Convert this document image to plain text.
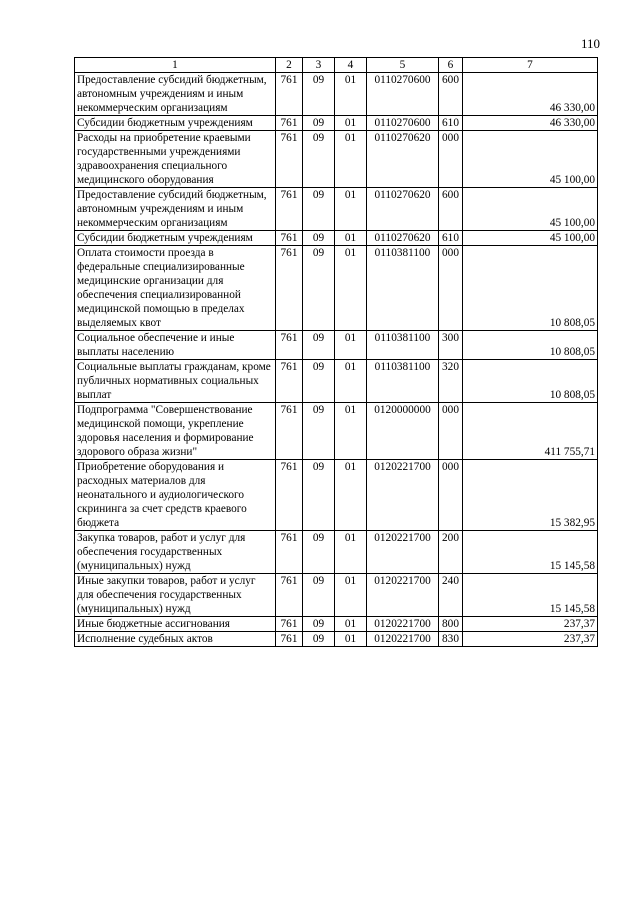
110
1	2	3	4	5	6	7
Предоставление субсидий бюджетным, автономным учреждениям и иным некоммерческим организациям	761	09	01	0110270600	600	46 330,00
Субсидии бюджетным учреждениям	761	09	01	0110270600	610	46 330,00
Расходы на приобретение краевыми государственными учреждениями здравоохранения специального медицинского оборудования	761	09	01	0110270620	000	45 100,00
Предоставление субсидий бюджетным, автономным учреждениям и иным некоммерческим организациям	761	09	01	0110270620	600	45 100,00
Субсидии бюджетным учреждениям	761	09	01	0110270620	610	45 100,00
Оплата стоимости проезда в федеральные специализированные медицинские организации для обеспечения специализированной медицинской помощью в пределах выделяемых квот	761	09	01	0110381100	000	10 808,05
Социальное обеспечение и иные выплаты населению	761	09	01	0110381100	300	10 808,05
Социальные выплаты гражданам, кроме публичных нормативных социальных выплат	761	09	01	0110381100	320	10 808,05
Подпрограмма "Совершенствование медицинской помощи, укрепление здоровья населения и формирование здорового образа жизни"	761	09	01	0120000000	000	411 755,71
Приобретение оборудования и расходных материалов для неонатального и аудиологического скрининга за счет средств краевого бюджета	761	09	01	0120221700	000	15 382,95
Закупка товаров, работ и услуг для обеспечения государственных (муниципальных) нужд	761	09	01	0120221700	200	15 145,58
Иные закупки товаров, работ и услуг для обеспечения государственных (муниципальных) нужд	761	09	01	0120221700	240	15 145,58
Иные бюджетные ассигнования	761	09	01	0120221700	800	237,37
Исполнение судебных актов	761	09	01	0120221700	830	237,37
